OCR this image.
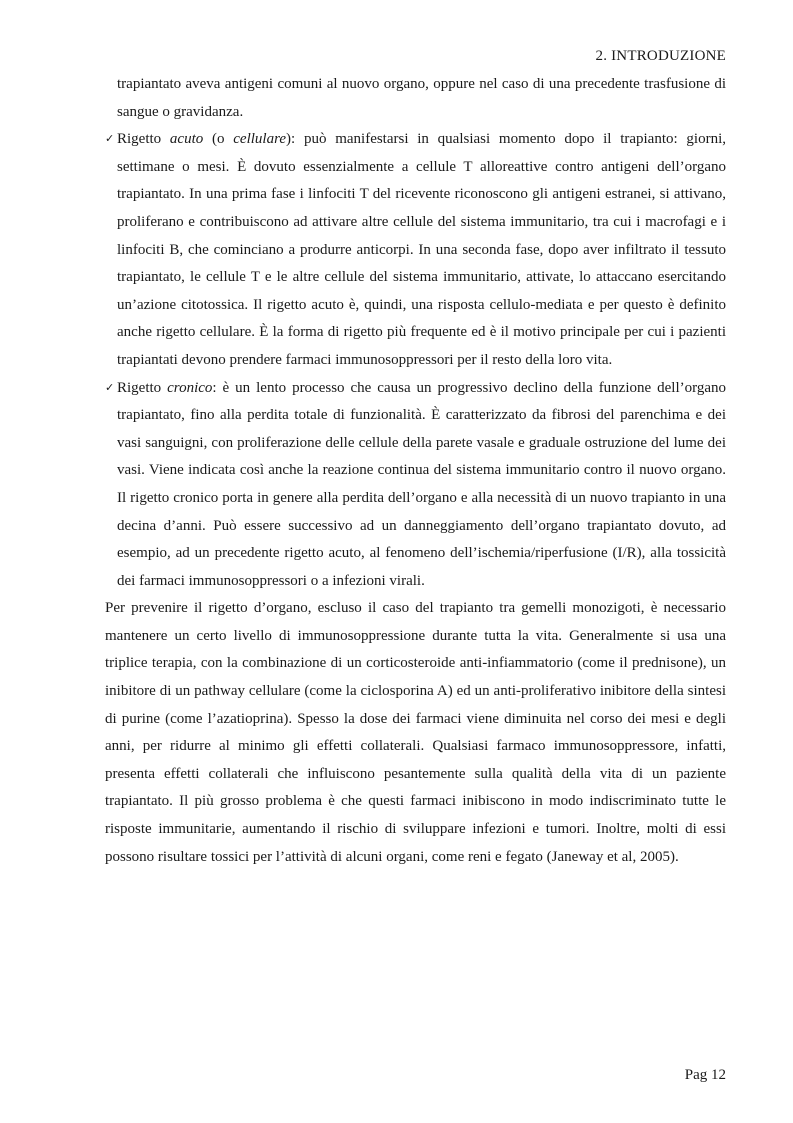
2. INTRODUZIONE

trapiantato aveva antigeni comuni al nuovo organo, oppure nel caso di una precedente trasfusione di sangue o gravidanza.

✓ Rigetto acuto (o cellulare): può manifestarsi in qualsiasi momento dopo il trapianto: giorni, settimane o mesi. È dovuto essenzialmente a cellule T alloreattive contro antigeni dell’organo trapiantato. In una prima fase i linfociti T del ricevente riconoscono gli antigeni estranei, si attivano, proliferano e contribuiscono ad attivare altre cellule del sistema immunitario, tra cui i macrofagi e i linfociti B, che cominciano a produrre anticorpi. In una seconda fase, dopo aver infiltrato il tessuto trapiantato, le cellule T e le altre cellule del sistema immunitario, attivate, lo attaccano esercitando un’azione citotossica. Il rigetto acuto è, quindi, una risposta cellulo-mediata e per questo è definito anche rigetto cellulare. È la forma di rigetto più frequente ed è il motivo principale per cui i pazienti trapiantati devono prendere farmaci immunosoppressori per il resto della loro vita.

✓ Rigetto cronico: è un lento processo che causa un progressivo declino della funzione dell’organo trapiantato, fino alla perdita totale di funzionalità. È caratterizzato da fibrosi del parenchima e dei vasi sanguigni, con proliferazione delle cellule della parete vasale e graduale ostruzione del lume dei vasi. Viene indicata così anche la reazione continua del sistema immunitario contro il nuovo organo. Il rigetto cronico porta in genere alla perdita dell’organo e alla necessità di un nuovo trapianto in una decina d’anni. Può essere successivo ad un danneggiamento dell’organo trapiantato dovuto, ad esempio, ad un precedente rigetto acuto, al fenomeno dell’ischemia/riperfusione (I/R), alla tossicità dei farmaci immunosoppressori o a infezioni virali.

Per prevenire il rigetto d’organo, escluso il caso del trapianto tra gemelli monozigoti, è necessario mantenere un certo livello di immunosoppressione durante tutta la vita. Generalmente si usa una triplice terapia, con la combinazione di un corticosteroide anti-infiammatorio (come il prednisone), un inibitore di un pathway cellulare (come la ciclosporina A) ed un anti-proliferativo inibitore della sintesi di purine (come l’azatioprina). Spesso la dose dei farmaci viene diminuita nel corso dei mesi e degli anni, per ridurre al minimo gli effetti collaterali. Qualsiasi farmaco immunosoppressore, infatti, presenta effetti collaterali che influiscono pesantemente sulla qualità della vita di un paziente trapiantato. Il più grosso problema è che questi farmaci inibiscono in modo indiscriminato tutte le risposte immunitarie, aumentando il rischio di sviluppare infezioni e tumori. Inoltre, molti di essi possono risultare tossici per l’attività di alcuni organi, come reni e fegato (Janeway et al, 2005).

Pag 12
